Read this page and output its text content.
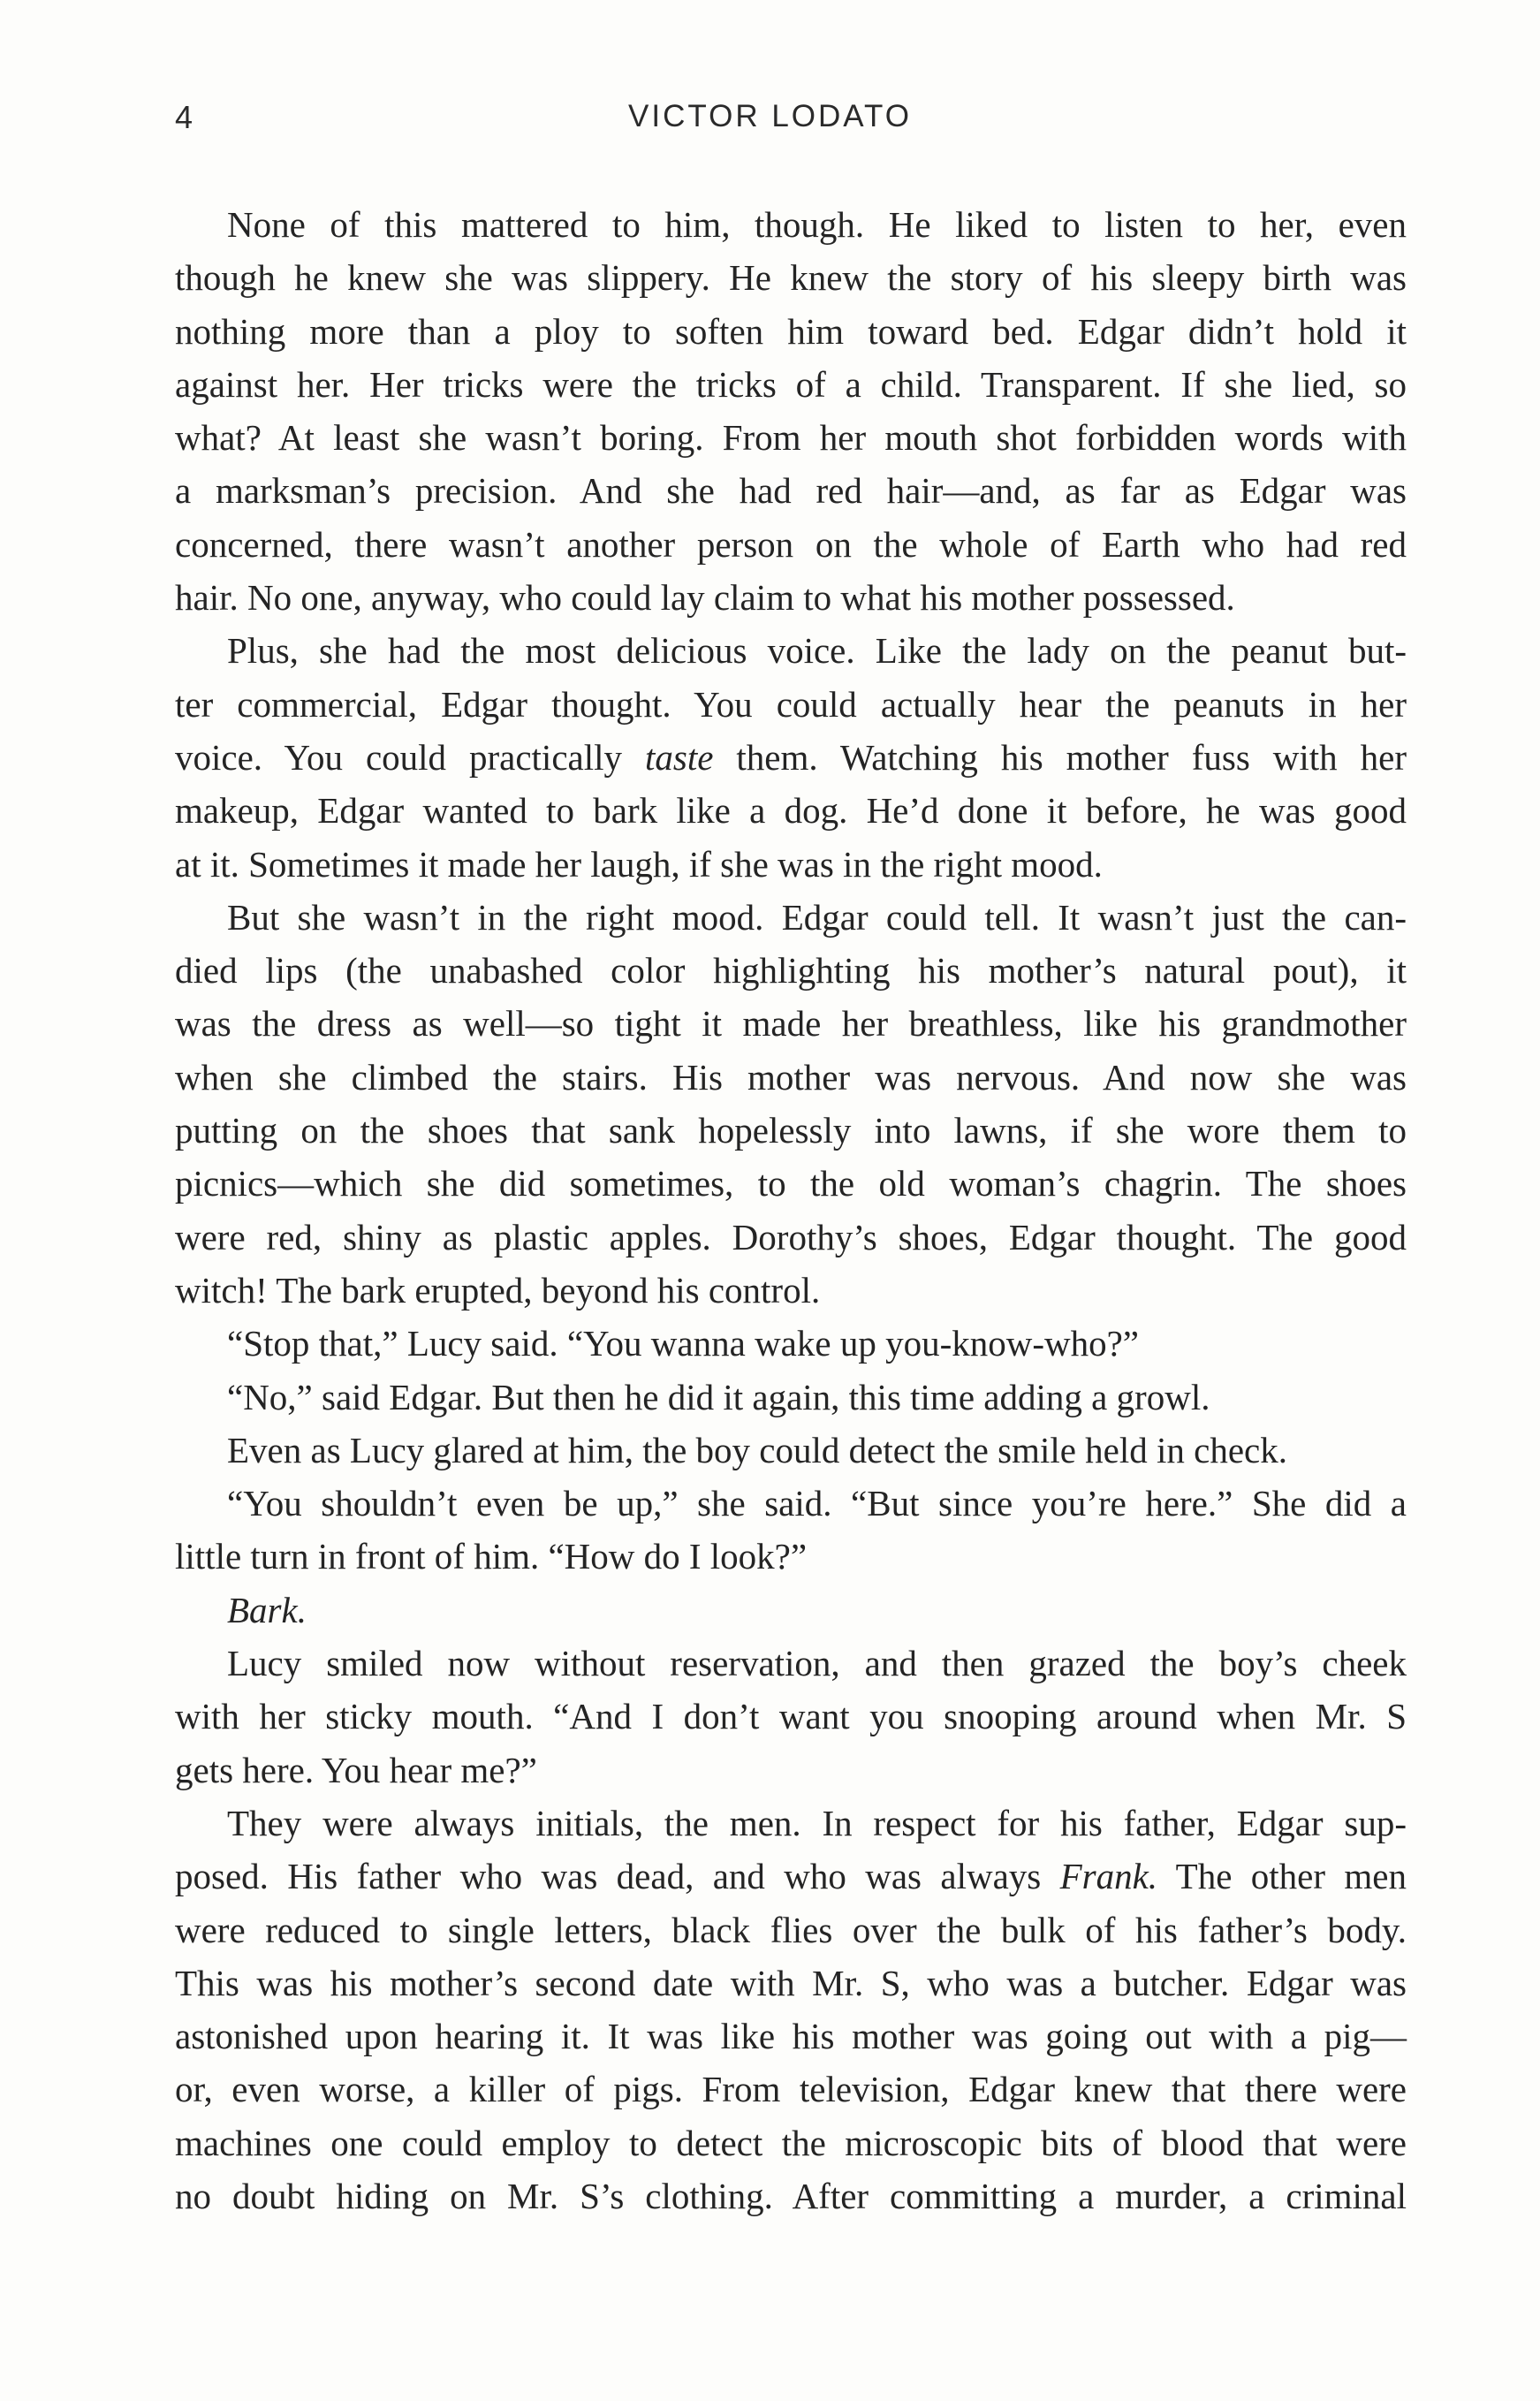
4	VICTOR LODATO
None of this mattered to him, though. He liked to listen to her, even
though he knew she was slippery. He knew the story of his sleepy birth was
nothing more than a ploy to soften him toward bed. Edgar didn’t hold it
against her. Her tricks were the tricks of a child. Transparent. If she lied, so
what? At least she wasn’t boring. From her mouth shot forbidden words with
a marksman’s precision. And she had red hair—and, as far as Edgar was
concerned, there wasn’t another person on the whole of Earth who had red
hair. No one, anyway, who could lay claim to what his mother possessed.
Plus, she had the most delicious voice. Like the lady on the peanut but-
ter commercial, Edgar thought. You could actually hear the peanuts in her
voice. You could practically taste them. Watching his mother fuss with her
makeup, Edgar wanted to bark like a dog. He’d done it before, he was good
at it. Sometimes it made her laugh, if she was in the right mood.
But she wasn’t in the right mood. Edgar could tell. It wasn’t just the can-
died lips (the unabashed color highlighting his mother’s natural pout), it
was the dress as well—so tight it made her breathless, like his grandmother
when she climbed the stairs. His mother was nervous. And now she was
putting on the shoes that sank hopelessly into lawns, if she wore them to
picnics—which she did sometimes, to the old woman’s chagrin. The shoes
were red, shiny as plastic apples. Dorothy’s shoes, Edgar thought. The good
witch! The bark erupted, beyond his control.
“Stop that,” Lucy said. “You wanna wake up you-know-who?”
“No,” said Edgar. But then he did it again, this time adding a growl.
Even as Lucy glared at him, the boy could detect the smile held in check.
“You shouldn’t even be up,” she said. “But since you’re here.” She did a
little turn in front of him. “How do I look?”
Bark.
Lucy smiled now without reservation, and then grazed the boy’s cheek
with her sticky mouth. “And I don’t want you snooping around when Mr. S
gets here. You hear me?”
They were always initials, the men. In respect for his father, Edgar sup-
posed. His father who was dead, and who was always Frank. The other men
were reduced to single letters, black flies over the bulk of his father’s body.
This was his mother’s second date with Mr. S, who was a butcher. Edgar was
astonished upon hearing it. It was like his mother was going out with a pig—
or, even worse, a killer of pigs. From television, Edgar knew that there were
machines one could employ to detect the microscopic bits of blood that were
no doubt hiding on Mr. S’s clothing. After committing a murder, a criminal
